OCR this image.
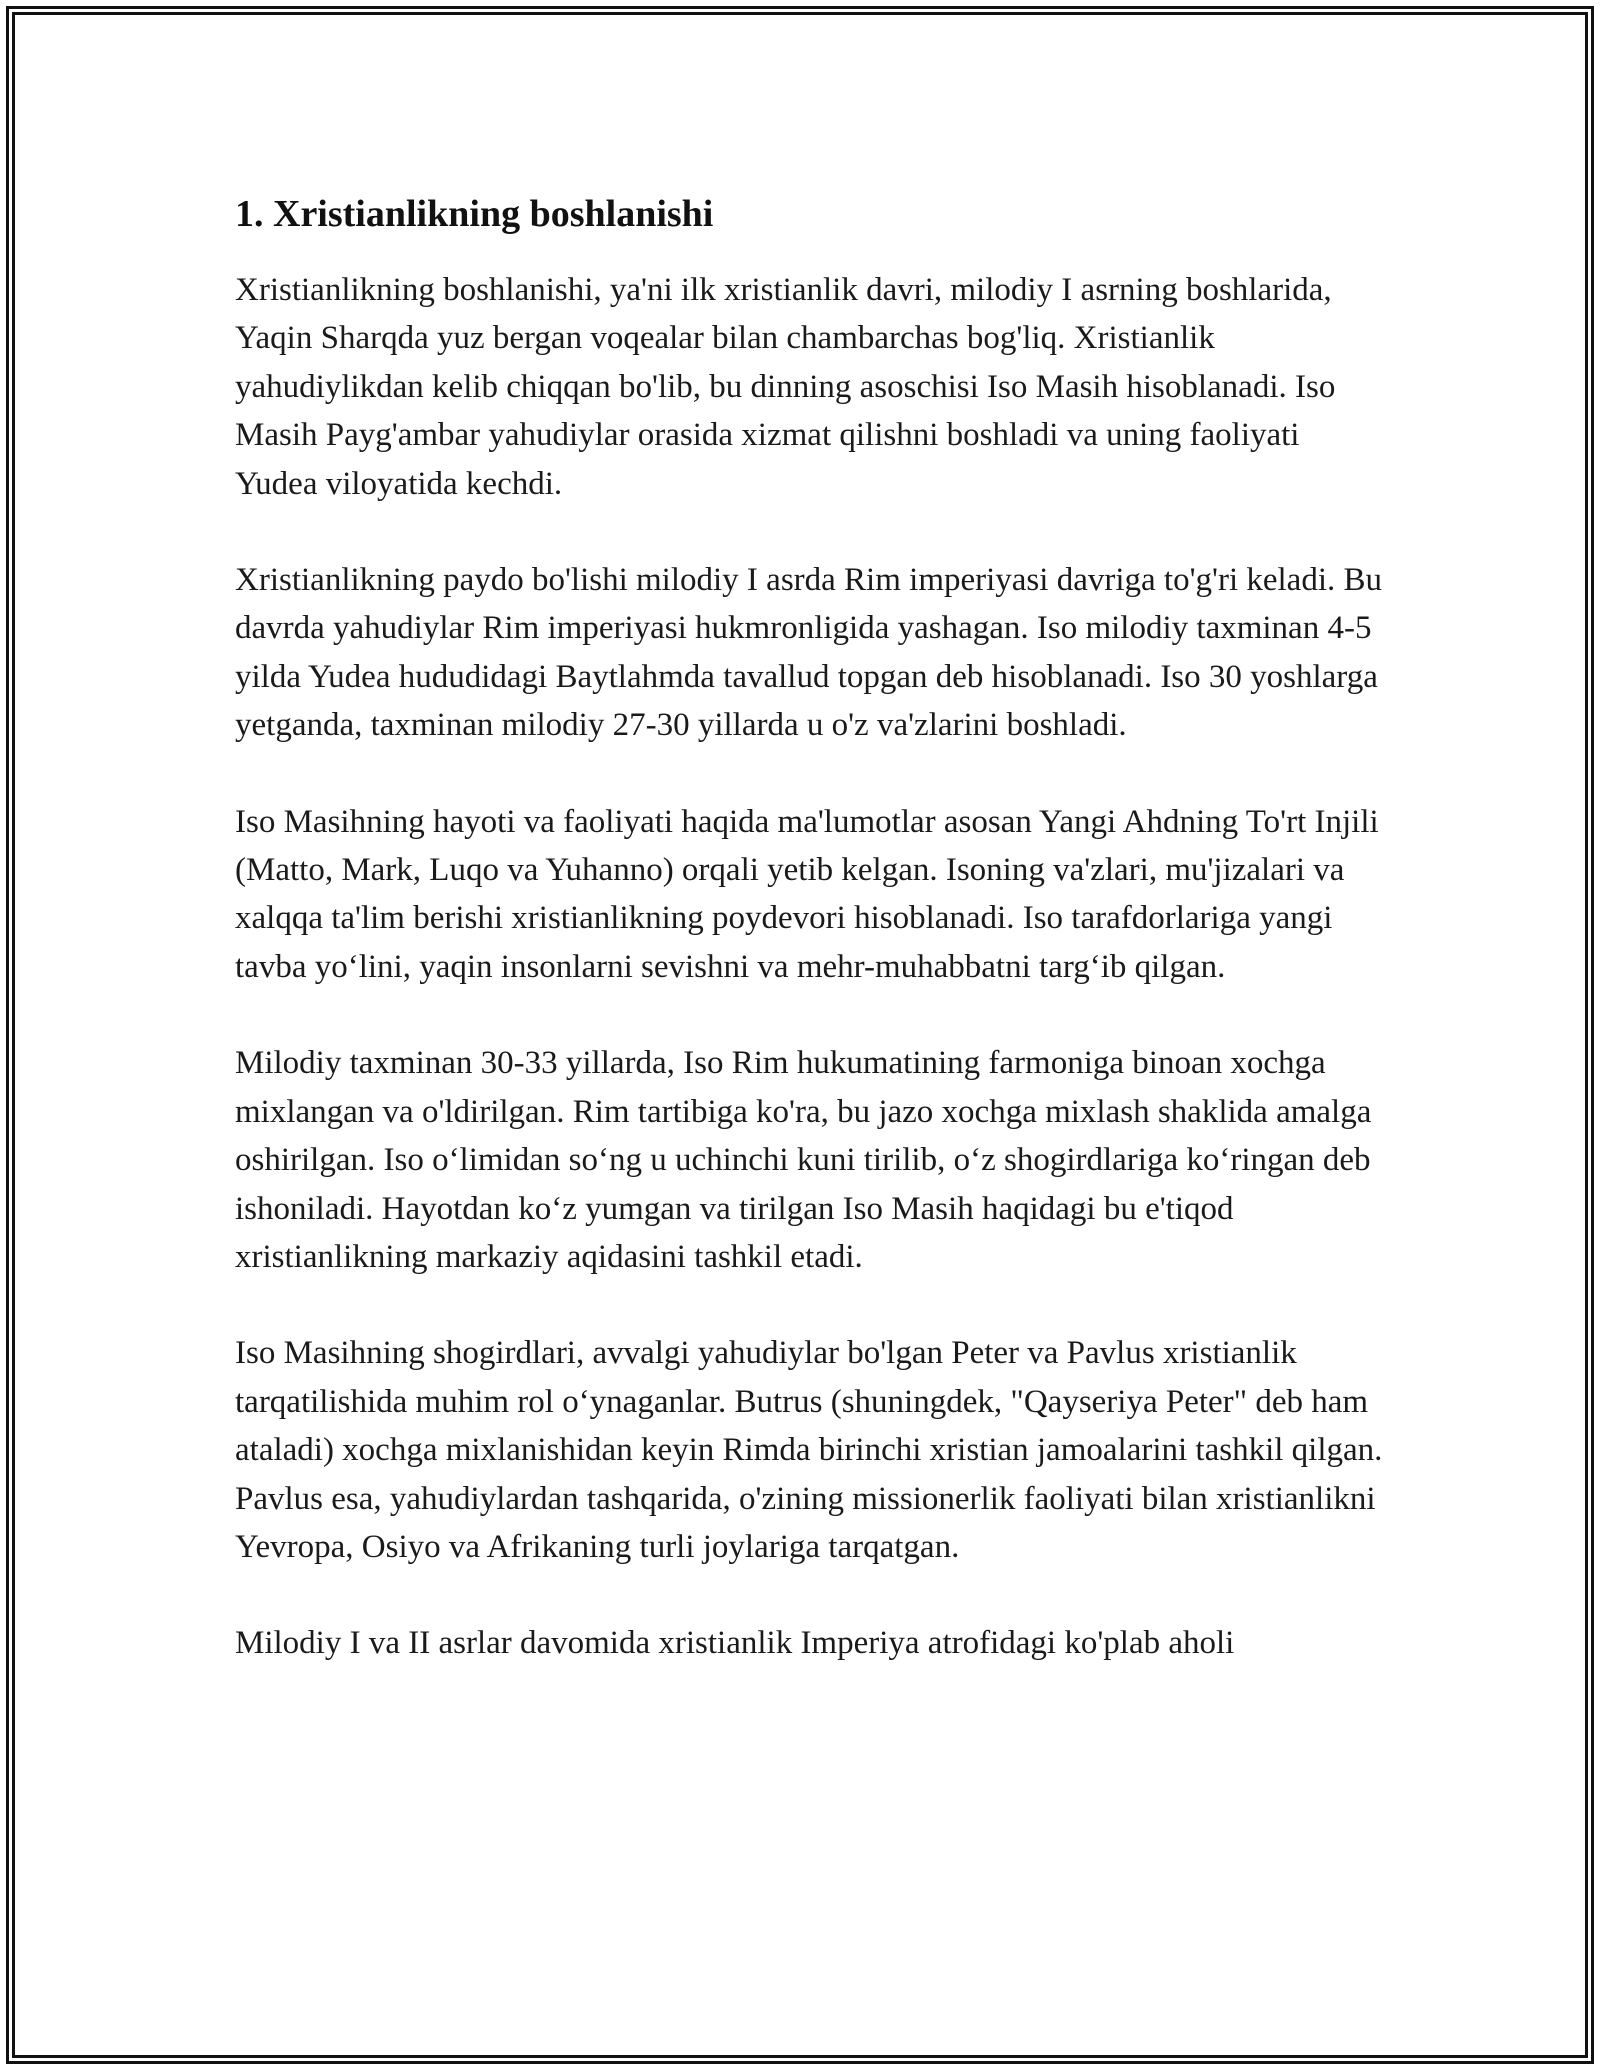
1. Xristianlikning boshlanishi

Xristianlikning boshlanishi, ya'ni ilk xristianlik davri, milodiy I asrning boshlarida, Yaqin Sharqda yuz bergan voqealar bilan chambarchas bog'liq. Xristianlik yahudiylikdan kelib chiqqan bo'lib, bu dinning asoschisi Iso Masih hisoblanadi. Iso Masih Payg'ambar yahudiylar orasida xizmat qilishni boshladi va uning faoliyati Yudea viloyatida kechdi.

Xristianlikning paydo bo'lishi milodiy I asrda Rim imperiyasi davriga to'g'ri keladi. Bu davrda yahudiylar Rim imperiyasi hukmronligida yashagan. Iso milodiy taxminan 4-5 yilda Yudea hududidagi Baytlahmda tavallud topgan deb hisoblanadi. Iso 30 yoshlarga yetganda, taxminan milodiy 27-30 yillarda u o'z va'zlarini boshladi.

Iso Masihning hayoti va faoliyati haqida ma'lumotlar asosan Yangi Ahdning To'rt Injili (Matto, Mark, Luqo va Yuhanno) orqali yetib kelgan. Isoning va'zlari, mu'jizalari va xalqqa ta'lim berishi xristianlikning poydevori hisoblanadi. Iso tarafdorlariga yangi tavba yo‘lini, yaqin insonlarni sevishni va mehr-muhabbatni targ‘ib qilgan.

Milodiy taxminan 30-33 yillarda, Iso Rim hukumatining farmoniga binoan xochga mixlangan va o'ldirilgan. Rim tartibiga ko'ra, bu jazo xochga mixlash shaklida amalga oshirilgan. Iso o‘limidan so‘ng u uchinchi kuni tirilib, o‘z shogirdlariga ko‘ringan deb ishoniladi. Hayotdan ko‘z yumgan va tirilgan Iso Masih haqidagi bu e'tiqod xristianlikning markaziy aqidasini tashkil etadi.

Iso Masihning shogirdlari, avvalgi yahudiylar bo'lgan Peter va Pavlus xristianlik tarqatilishida muhim rol o‘ynaganlar. Butrus (shuningdek, "Qayseriya Peter" deb ham ataladi) xochga mixlanishidan keyin Rimda birinchi xristian jamoalarini tashkil qilgan. Pavlus esa, yahudiylardan tashqarida, o'zining missionerlik faoliyati bilan xristianlikni Yevropa, Osiyo va Afrikaning turli joylariga tarqatgan.

Milodiy I va II asrlar davomida xristianlik Imperiya atrofidagi ko'plab aholi
